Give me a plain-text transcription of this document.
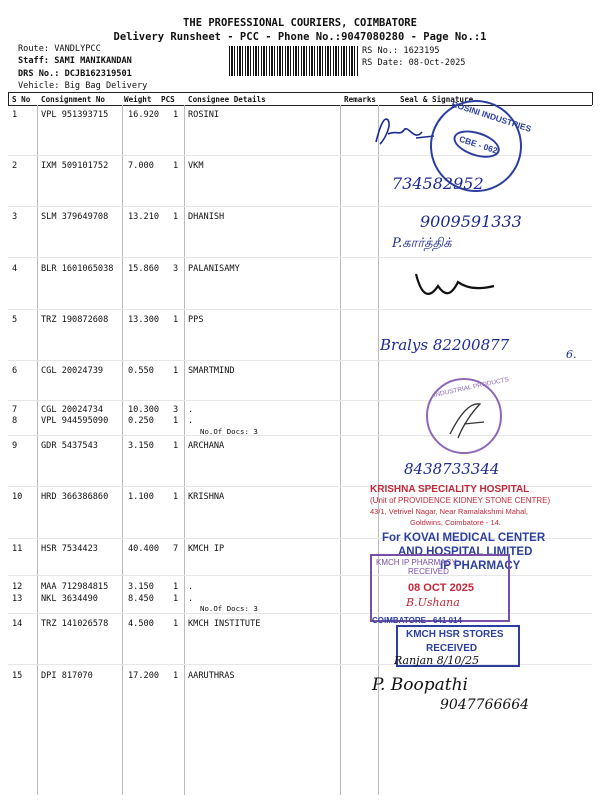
THE PROFESSIONAL COURIERS, COIMBATORE
Delivery Runsheet - PCC - Phone No.:9047080280 - Page No.:1
Route: VANDLYPCC
Staff: SAMI MANIKANDAN
DRS No.: DCJB162319501
Vehicle: Big Bag Delivery
RS No.: 1623195
RS Date: 08-Oct-2025
S No Consignment No Weight PCS Consignee Details	Remarks	Seal & Signature
1	VPL 951393715 16.920 1 ROSINI
2	IXM 509101752 7.000 1 VKM
3	SLM 379649708 13.210 1 DHANISH
4	BLR 1601065038 15.860 3 PALANISAMY
5	TRZ 190872608 13.300 1 PPS
6	CGL 20024739	0.550 1 SMARTMIND
7	CGL 20024734	10.300 3 .
8	VPL 944595090 0.250 1 .
No.Of Docs: 3
9	GDR 5437543	3.150 1 ARCHANA
10 HRD 366386860 1.100 1 KRISHNA
11 HSR 7534423	40.400 7 KMCH IP
12 MAA 712984815 3.150 1 .
13 NKL 3634490	8.450 1 .
No.Of Docs: 3
14 TRZ 141026578 4.500 1 KMCH INSTITUTE
15 DPI 817070	17.200 1 AARUTHRAS
ROSINI INDUSTRIES
CBE - 062
734582952
9009591333
P.கார்த்திக்
Bralys 82200877
6.
INDUSTRIAL PRODUCTS
8438733344
KRISHNA SPECIALITY HOSPITAL
(Unit of PROVIDENCE KIDNEY STONE CENTRE)
43/1, Vetrivel Nagar, Near Ramalakshmi Mahal,
Goldwins, Coimbatore - 14.
For KOVAI MEDICAL CENTER
AND HOSPITAL LIMITED
IP PHARMACY
KMCH IP PHARMACY
RECEIVED
08 OCT 2025
B.Ushana
COIMBATORE - 641 014
KMCH HSR STORES
RECEIVED
Ranjan 8/10/25
P. Boopathi
9047766664
